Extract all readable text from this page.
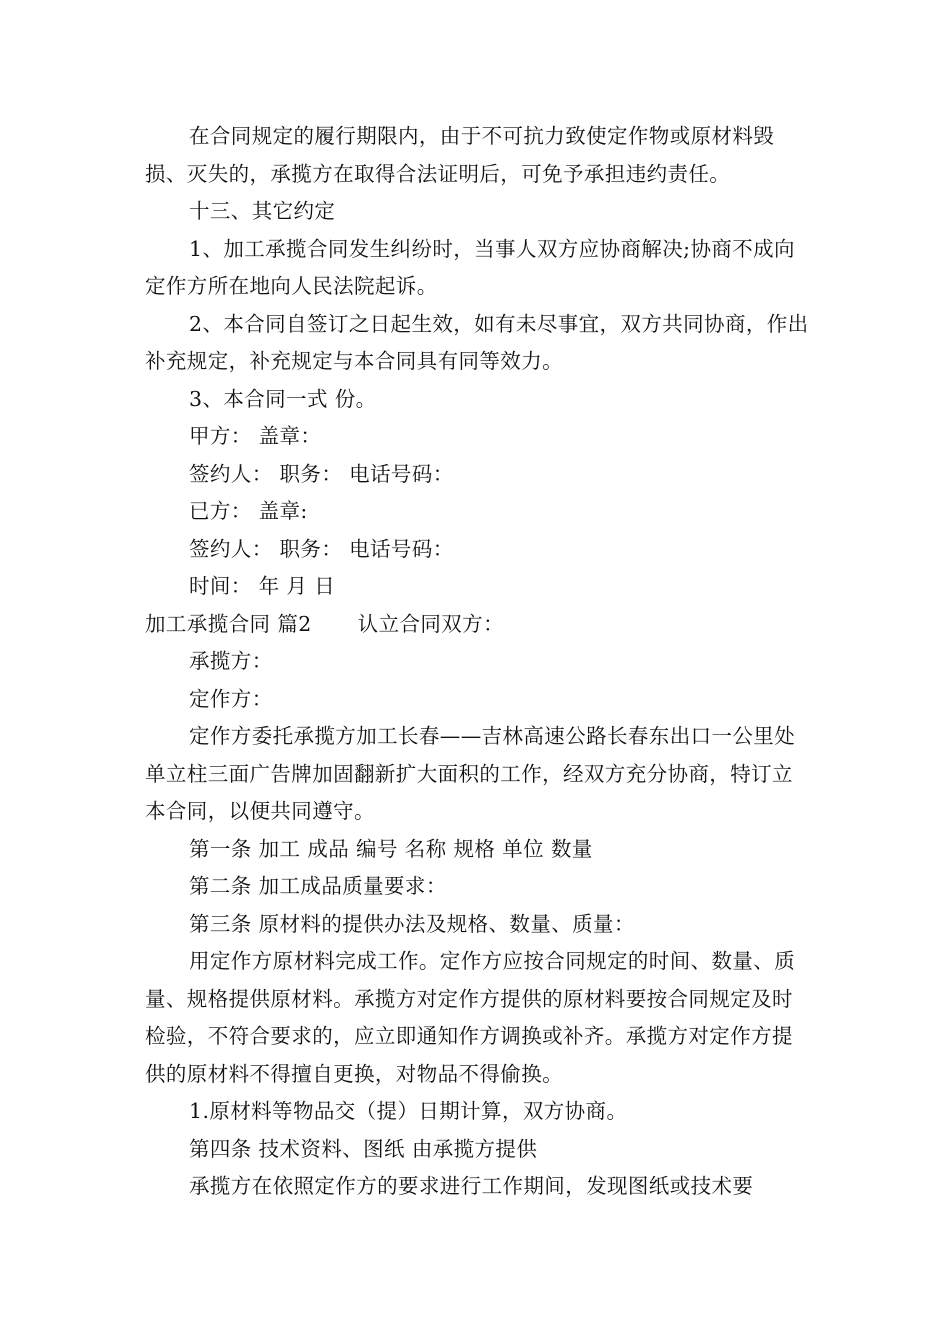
在合同规定的履行期限内，由于不可抗力致使定作物或原材料毁损、灭失的，承揽方在取得合法证明后，可免予承担违约责任。

十三、其它约定

1、加工承揽合同发生纠纷时，当事人双方应协商解决;协商不成向定作方所在地向人民法院起诉。

2、本合同自签订之日起生效，如有未尽事宜，双方共同协商，作出补充规定，补充规定与本合同具有同等效力。

3、本合同一式 份。

甲方： 盖章：

签约人： 职务： 电话号码：

已方： 盖章:

签约人： 职务： 电话号码：

时间： 年 月 日

加工承揽合同 篇2 认立合同双方：

承揽方：

定作方：

定作方委托承揽方加工长春——吉林高速公路长春东出口一公里处单立柱三面广告牌加固翻新扩大面积的工作，经双方充分协商，特订立本合同，以便共同遵守。

第一条 加工 成品 编号 名称 规格 单位 数量

第二条 加工成品质量要求：

第三条 原材料的提供办法及规格、数量、质量：

用定作方原材料完成工作。定作方应按合同规定的时间、数量、质量、规格提供原材料。承揽方对定作方提供的原材料要按合同规定及时检验，不符合要求的，应立即通知作方调换或补齐。承揽方对定作方提供的原材料不得擅自更换，对物品不得偷换。

1.原材料等物品交（提）日期计算，双方协商。

第四条 技术资料、图纸 由承揽方提供

承揽方在依照定作方的要求进行工作期间，发现图纸或技术要
